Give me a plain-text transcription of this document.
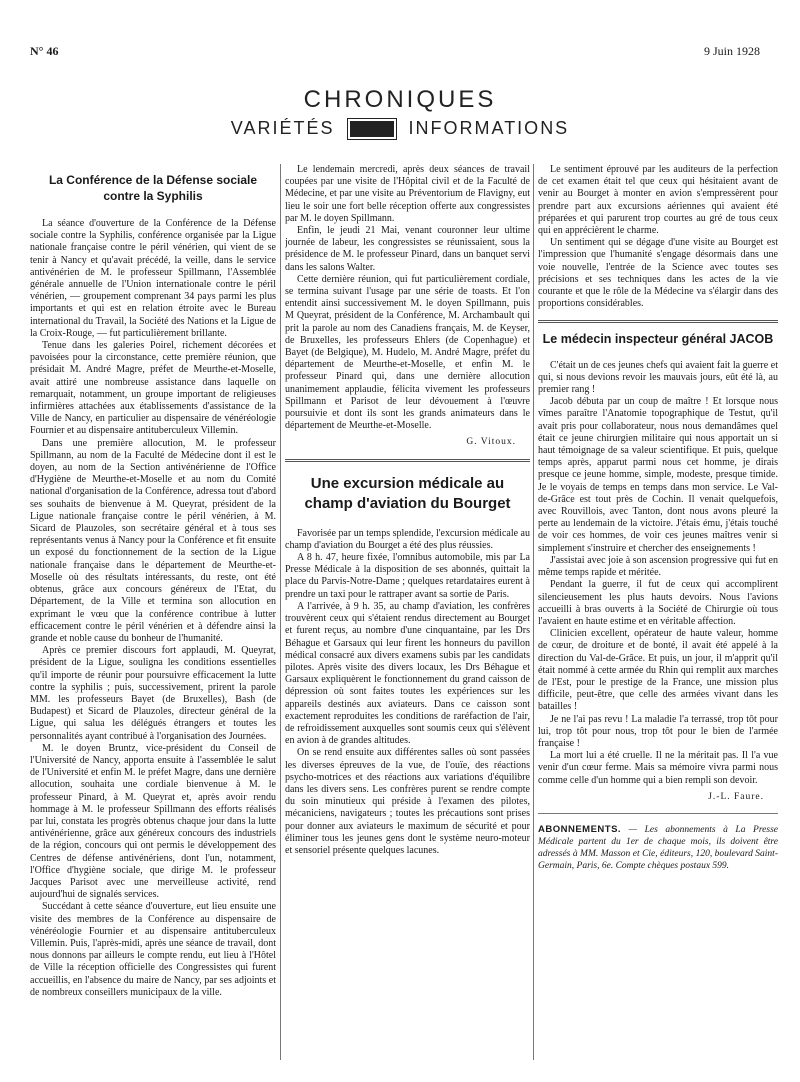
N° 46	9 Juin 1928
CHRONIQUES
VARIÉTÉS	INFORMATIONS
La Conférence de la Défense sociale contre la Syphilis

La séance d'ouverture de la Conférence de la Défense sociale contre la Syphilis, conférence organisée par la Ligue nationale française contre le péril vénérien, qui vient de se tenir à Nancy et qu'avait précédé, la veille, dans le service antivénérien de M. le professeur Spillmann, l'Assemblée générale annuelle de l'Union internationale contre le péril vénérien, — groupement comprenant 34 pays parmi les plus importants et qui est en relation étroite avec le Bureau international du Travail, la Société des Nations et la Ligue de la Croix-Rouge, — fut particulièrement brillante.

Tenue dans les galeries Poirel, richement décorées et pavoisées pour la circonstance, cette première réunion, que présidait M. André Magre, préfet de Meurthe-et-Moselle, avait attiré une nombreuse assistance dans laquelle on remarquait, notamment, un groupe important de religieuses infirmières attachées aux établissements d'assistance de la Ville de Nancy, en particulier au dispensaire de vénéréologie Fournier et au dispensaire antituberculeux Villemin.

Dans une première allocution, M. le professeur Spillmann, au nom de la Faculté de Médecine dont il est le doyen, au nom de la Section antivénérienne de l'Office d'Hygiène de Meurthe-et-Moselle et au nom du Comité national d'organisation de la Conférence, adressa tout d'abord ses souhaits de bienvenue à M. Queyrat, président de la Ligue nationale française contre le péril vénérien, à M. Sicard de Plauzoles, son secrétaire général et à tous ses représentants venus à Nancy pour la Conférence et fit ensuite un exposé du fonctionnement de la section de la Ligue nationale française dans le département de Meurthe-et-Moselle où des résultats intéressants, du reste, ont été obtenus, grâce aux concours généreux de l'Etat, du Département, de la Ville et termina son allocution en exprimant le vœu que la conférence contribue à lutter efficacement contre le péril vénérien et à défendre ainsi la grande et noble cause du bonheur de l'humanité.

Après ce premier discours fort applaudi, M. Queyrat, président de la Ligue, souligna les conditions essentielles qu'il importe de réunir pour poursuivre efficacement la lutte contre la syphilis ; puis, successivement, prirent la parole MM. les professeurs Bayet (de Bruxelles), Bash (de Budapest) et Sicard de Plauzoles, directeur général de la Ligue, qui salua les délégués étrangers et toutes les personnalités ayant contribué à l'organisation des Journées.

M. le doyen Bruntz, vice-président du Conseil de l'Université de Nancy, apporta ensuite à l'assemblée le salut de l'Université et enfin M. le préfet Magre, dans une dernière allocution, souhaita une cordiale bienvenue à M. le professeur Pinard, à M. Queyrat et, après avoir rendu hommage à M. le professeur Spillmann des efforts réalisés par lui, constata les progrès obtenus chaque jour dans la lutte antivénérienne, grâce aux généreux concours des industriels de la région, concours qui ont permis le développement des Centres de défense antivénériens, dont l'un, notamment, l'Office d'hygiène sociale, que dirige M. le professeur Jacques Parisot avec une merveilleuse activité, rend aujourd'hui de signalés services.

Succédant à cette séance d'ouverture, eut lieu ensuite une visite des membres de la Conférence au dispensaire de vénéréologie Fournier et au dispensaire antituberculeux Villemin. Puis, l'après-midi, après une séance de travail, dont nous donnons par ailleurs le compte rendu, eut lieu à l'Hôtel de Ville la réception officielle des Congressistes qui furent accueillis, en l'absence du maire de Nancy, par ses adjoints et de nombreux conseillers municipaux de la ville.

Le lendemain mercredi, après deux séances de travail coupées par une visite de l'Hôpital civil et de la Faculté de Médecine, et par une visite au Préventorium de Flavigny, eut lieu le soir une fort belle réception offerte aux congressistes par M. le doyen Spillmann.

Enfin, le jeudi 21 Mai, venant couronner leur ultime journée de labeur, les congressistes se réunissaient, sous la présidence de M. le professeur Pinard, dans un banquet servi dans les salons Walter.

Cette dernière réunion, qui fut particulièrement cordiale, se termina suivant l'usage par une série de toasts. Et l'on entendit ainsi successivement M. le doyen Spillmann, puis M Queyrat, président de la Conférence, M. Archambault qui prit la parole au nom des Canadiens français, M. de Keyser, de Bruxelles, les professeurs Ehlers (de Copenhague) et Bayet (de Belgique), M. Hudelo, M. André Magre, préfet du département de Meurthe-et-Moselle, et enfin M. le professeur Pinard qui, dans une dernière allocution unanimement applaudie, félicita vivement les professeurs Spillmann et Parisot de leur dévouement à l'œuvre poursuivie et dont ils sont les grands animateurs dans le département de Meurthe-et-Moselle.

G. Vitoux.
Une excursion médicale au champ d'aviation du Bourget

Favorisée par un temps splendide, l'excursion médicale au champ d'aviation du Bourget a été des plus réussies.

A 8 h. 47, heure fixée, l'omnibus automobile, mis par La Presse Médicale à la disposition de ses abonnés, quittait la place du Parvis-Notre-Dame ; quelques retardataires eurent à prendre un taxi pour le rattraper avant sa sortie de Paris.

A l'arrivée, à 9 h. 35, au champ d'aviation, les confrères trouvèrent ceux qui s'étaient rendus directement au Bourget et furent reçus, au nombre d'une cinquantaine, par les Drs Béhague et Garsaux qui leur firent les honneurs du pavillon médical consacré aux divers examens subis par les candidats pilotes. Après visite des divers locaux, les Drs Béhague et Garsaux expliquèrent le fonctionnement du grand caisson de dépression où sont faites toutes les expériences sur les appareils destinés aux aviateurs. Dans ce caisson sont exactement reproduites les conditions de raréfaction de l'air, de refroidissement auxquelles sont soumis ceux qui s'élèvent en avion à de grandes altitudes.

On se rend ensuite aux différentes salles où sont passées les diverses épreuves de la vue, de l'ouïe, des réactions psycho-motrices et des réactions aux variations d'équilibre dans les divers sens. Les confrères purent se rendre compte du soin minutieux qui préside à l'examen des pilotes, mécaniciens, navigateurs ; toutes les précautions sont prises pour donner aux aviateurs le maximum de sécurité et pour éliminer tous les jeunes gens dont le système neuro-moteur et sensoriel présente quelques lacunes.

Le sentiment éprouvé par les auditeurs de la perfection de cet examen était tel que ceux qui hésitaient avant de venir au Bourget à monter en avion s'empressèrent pour prendre part aux excursions aériennes qui avaient été préparées et qui parurent trop courtes au gré de tous ceux qui en apprécièrent le charme.

Un sentiment qui se dégage d'une visite au Bourget est l'impression que l'humanité s'engage désormais dans une voie nouvelle, l'entrée de la Science avec toutes ses précisions et ses techniques dans les actes de la vie courante et que le rôle de la Médecine va s'élargir dans des proportions considérables.

Le médecin inspecteur général JACOB

C'était un de ces jeunes chefs qui avaient fait la guerre et qui, si nous devions revoir les mauvais jours, eût été là, au premier rang !

Jacob débuta par un coup de maître ! Et lorsque nous vîmes paraître l'Anatomie topographique de Testut, qu'il avait pris pour collaborateur, nous nous demandâmes quel était ce jeune chirurgien militaire qui nous apportait un si haut témoignage de sa valeur scientifique. Et puis, quelque temps après, apparut parmi nous cet homme, je dirais presque ce jeune homme, simple, modeste, presque timide. Je le voyais de temps en temps dans mon service. Le Val-de-Grâce est tout près de Cochin. Il venait quelquefois, avec Rouvillois, avec Tanton, dont nous avons pleuré la perte au lendemain de la victoire. J'étais ému, j'étais touché de voir ces hommes, de voir ces jeunes maîtres venir si simplement s'instruire et chercher des enseignements !

J'assistai avec joie à son ascension progressive qui fut en même temps rapide et méritée.

Pendant la guerre, il fut de ceux qui accomplirent silencieusement les plus hauts devoirs. Nous l'avions accueilli à bras ouverts à la Société de Chirurgie où tous l'avaient en haute estime et en véritable affection.

Clinicien excellent, opérateur de haute valeur, homme de cœur, de droiture et de bonté, il avait été appelé à la direction du Val-de-Grâce. Et puis, un jour, il m'apprit qu'il était nommé à cette armée du Rhin qui remplit aux marches de l'Est, pour le prestige de la France, une mission plus difficile, peut-être, que celle des armées vivant dans les batailles !

Je ne l'ai pas revu ! La maladie l'a terrassé, trop tôt pour lui, trop tôt pour nous, trop tôt pour le bien de l'armée française !

La mort lui a été cruelle. Il ne la méritait pas. Il l'a vue venir d'un cœur ferme. Mais sa mémoire vivra parmi nous comme celle d'un homme qui a bien rempli son devoir.

J.-L. Faure.
ABONNEMENTS. — Les abonnements à La Presse Médicale partent du 1er de chaque mois, ils doivent être adressés à MM. Masson et Cie, éditeurs, 120, boulevard Saint-Germain, Paris, 6e. Compte chèques postaux 599.
